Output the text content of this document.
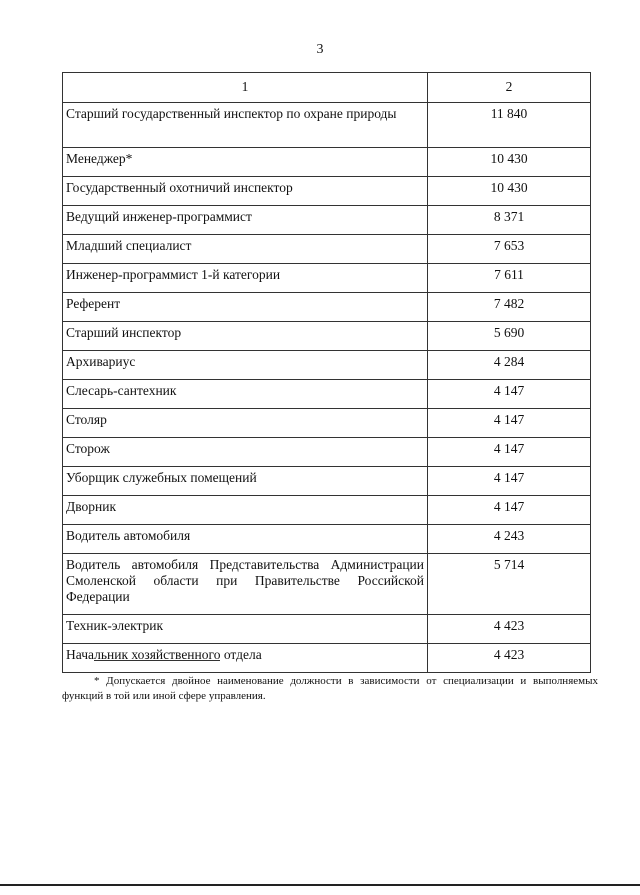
3
1	2
Старший государственный инспектор по охране природы	11 840
Менеджер*	10 430
Государственный охотничий инспектор	10 430
Ведущий инженер-программист	8 371
Младший специалист	7 653
Инженер-программист 1-й категории	7 611
Референт	7 482
Старший инспектор	5 690
Архивариус	4 284
Слесарь-сантехник	4 147
Столяр	4 147
Сторож	4 147
Уборщик служебных помещений	4 147
Дворник	4 147
Водитель автомобиля	4 243
Водитель автомобиля Представительства Администрации Смоленской области при Правительстве Российской Федерации	5 714
Техник-электрик	4 423
Начальник хозяйственного отдела	4 423
* Допускается двойное наименование должности в зависимости от специализации и выполняемых функций в той или иной сфере управления.
